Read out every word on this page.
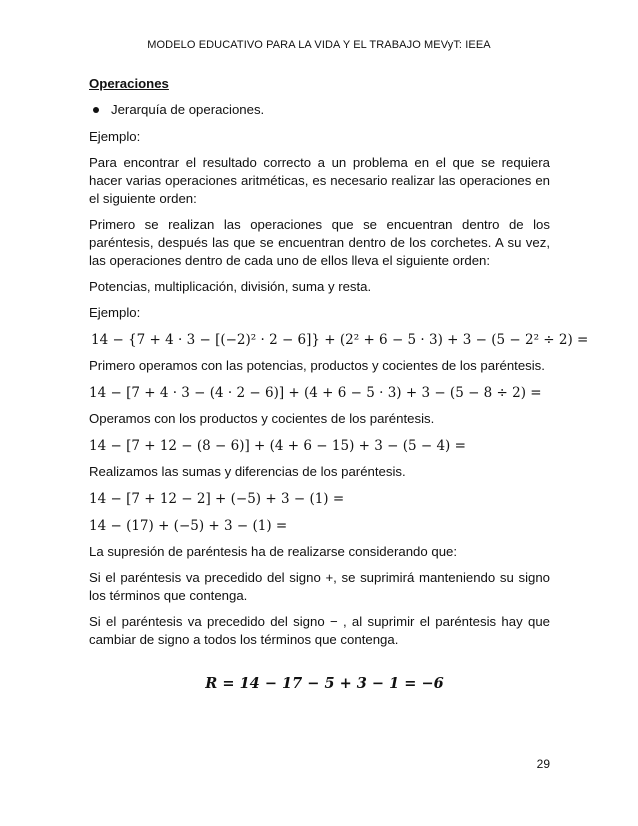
MODELO EDUCATIVO PARA LA VIDA Y EL TRABAJO MEVyT: IEEA
Operaciones
Jerarquía de operaciones.

Ejemplo:

Para encontrar el resultado correcto a un problema en el que se requiera hacer varias operaciones aritméticas, es necesario realizar las operaciones en el siguiente orden:

Primero se realizan las operaciones que se encuentran dentro de los paréntesis, después las que se encuentran dentro de los corchetes. A su vez, las operaciones dentro de cada uno de ellos lleva el siguiente orden:

Potencias, multiplicación, división, suma y resta.

Ejemplo:

14 − {7 + 4 · 3 − [(−2)² · 2 − 6]} + (2² + 6 − 5 · 3) + 3 − (5 − 2² ÷ 2) =

Primero operamos con las potencias, productos y cocientes de los paréntesis.

14 − [7 + 4 · 3 − (4 · 2 − 6)] + (4 + 6 − 5 · 3) + 3 − (5 − 8 ÷ 2) =

Operamos con los productos y cocientes de los paréntesis.

14 − [7 + 12 − (8 − 6)] + (4 + 6 − 15) + 3 − (5 − 4) =

Realizamos las sumas y diferencias de los paréntesis.

14 − [7 + 12 − 2] + (−5) + 3 − (1) =
14 − (17) + (−5) + 3 − (1) =

La supresión de paréntesis ha de realizarse considerando que:

Si el paréntesis va precedido del signo +, se suprimirá manteniendo su signo los términos que contenga.

Si el paréntesis va precedido del signo − , al suprimir el paréntesis hay que cambiar de signo a todos los términos que contenga.

R = 14 − 17 − 5 + 3 − 1 = −6
29
